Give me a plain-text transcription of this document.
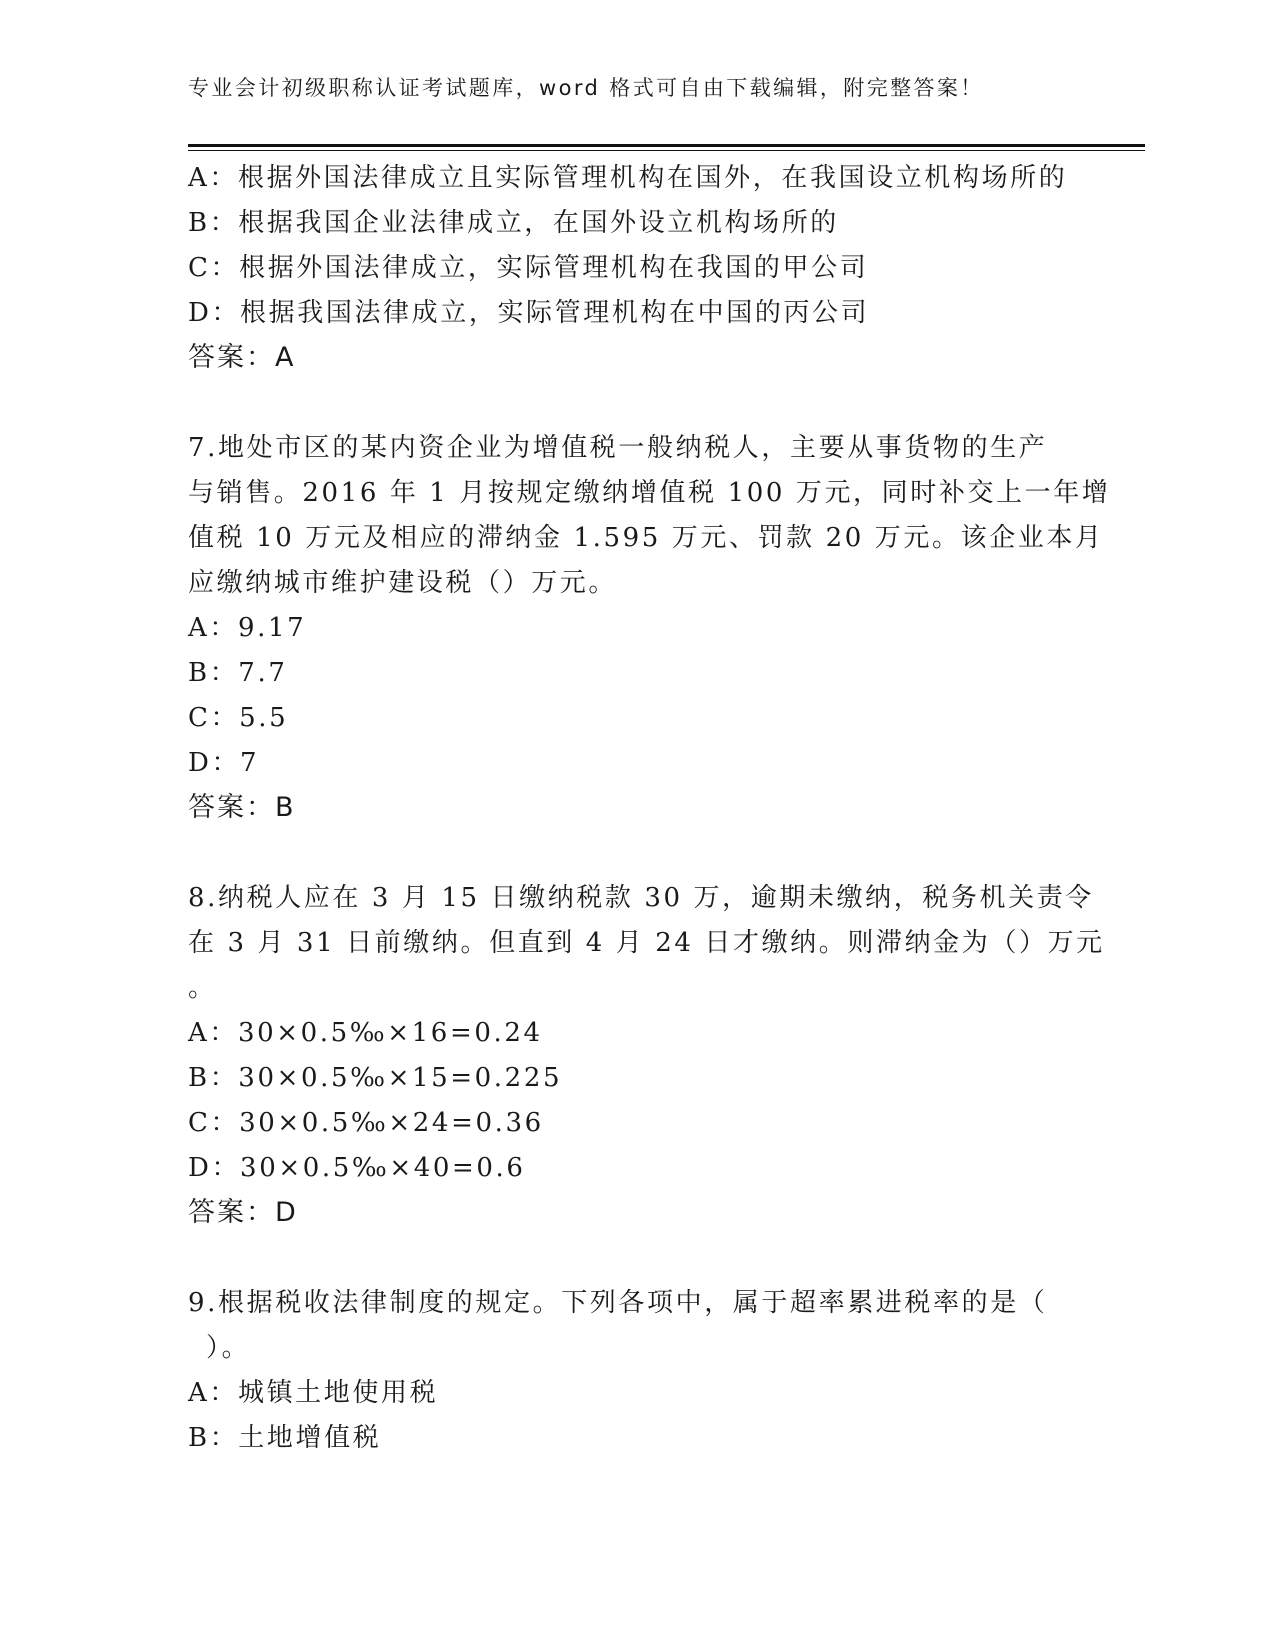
专业会计初级职称认证考试题库，word 格式可自由下载编辑，附完整答案！
A：根据外国法律成立且实际管理机构在国外，在我国设立机构场所的
B：根据我国企业法律成立，在国外设立机构场所的
C：根据外国法律成立，实际管理机构在我国的甲公司
D：根据我国法律成立，实际管理机构在中国的丙公司
答案：A
7.地处市区的某内资企业为增值税一般纳税人，主要从事货物的生产
与销售。2016 年 1 月按规定缴纳增值税 100 万元，同时补交上一年增
值税 10 万元及相应的滞纳金 1.595 万元、罚款 20 万元。该企业本月
应缴纳城市维护建设税（）万元。
A：9.17
B：7.7
C：5.5
D：7
答案：B
8.纳税人应在 3 月 15 日缴纳税款 30 万，逾期未缴纳，税务机关责令
在 3 月 31 日前缴纳。但直到 4 月 24 日才缴纳。则滞纳金为（）万元
。
A：30×0.5‰×16=0.24
B：30×0.5‰×15=0.225
C：30×0.5‰×24=0.36
D：30×0.5‰×40=0.6
答案：D
9.根据税收法律制度的规定。下列各项中，属于超率累进税率的是（
）。
A：城镇土地使用税
B：土地增值税
